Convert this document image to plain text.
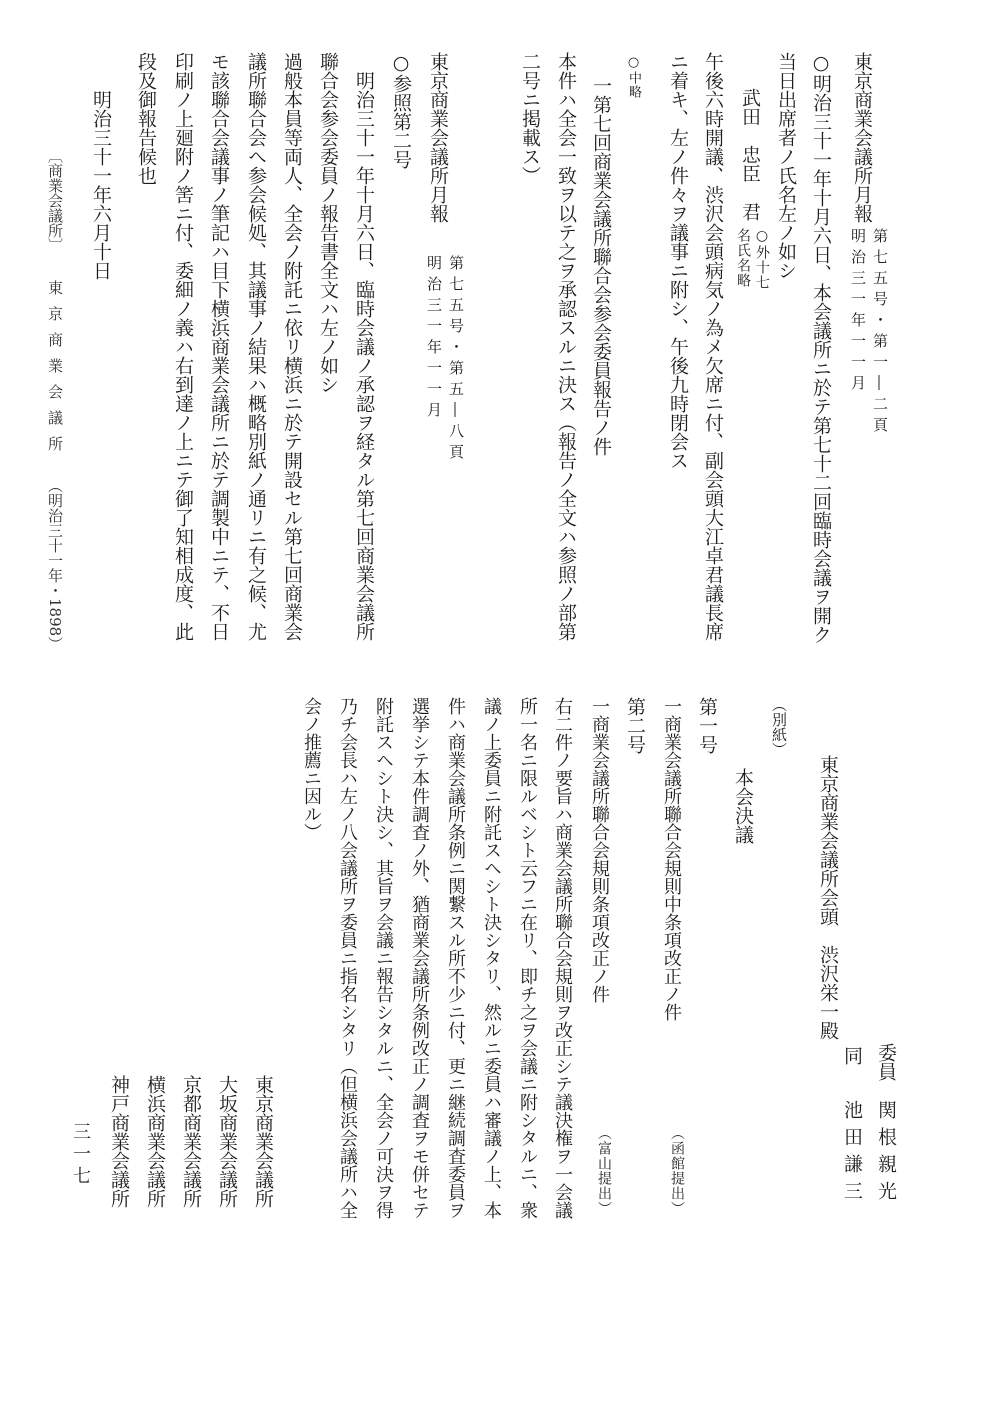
東京商業会議所月報
第七五号・第一―二頁
明治三一年一一月
○明治三十一年十月六日、本会議所ニ於テ第七十二回臨時会議ヲ開ク
当日出席者ノ氏名左ノ如シ
武田　忠臣　君
○外十七
名氏名略
午後六時開議、渋沢会頭病気ノ為メ欠席ニ付、副会頭大江卓君議長席
ニ着キ、左ノ件々ヲ議事ニ附シ、午後九時閉会ス
○中略
一第七回商業会議所聯合会参会委員報告ノ件
本件ハ全会一致ヲ以テ之ヲ承認スルニ決ス（報告ノ全文ハ参照ノ部第
二号ニ掲載ス）
東京商業会議所月報
第七五号・第五―八頁
明治三一年一一月
○参照第二号
明治三十一年十月六日、臨時会議ノ承認ヲ経タル第七回商業会議所
聯合会参会委員ノ報告書全文ハ左ノ如シ
過般本員等両人、全会ノ附託ニ依リ横浜ニ於テ開設セル第七回商業会
議所聯合会へ参会候処、其議事ノ結果ハ概略別紙ノ通リニ有之候、尤
モ該聯合会議事ノ筆記ハ目下横浜商業会議所ニ於テ調製中ニテ、不日
印刷ノ上廻附ノ筈ニ付、委細ノ義ハ右到達ノ上ニテ御了知相成度、此
段及御報告候也
明治三十一年六月十日
〔商業会議所〕
東京商業会議所
（明治三十一年・1898）
委員
関根親光
同
池田謙三
東京商業会議所会頭　渋沢栄一殿
（別紙）
本会決議
第一号
一商業会議所聯合会規則中条項改正ノ件
（函館提出）
第二号
一商業会議所聯合会規則条項改正ノ件
（富山提出）
右二件ノ要旨ハ商業会議所聯合会規則ヲ改正シテ議決権ヲ一会議
所一名ニ限ルベシト云フニ在リ、即チ之ヲ会議ニ附シタルニ、衆
議ノ上委員ニ附託スヘシト決シタリ、然ルニ委員ハ審議ノ上、本
件ハ商業会議所条例ニ関繋スル所不少ニ付、更ニ継続調査委員ヲ
選挙シテ本件調査ノ外、猶商業会議所条例改正ノ調査ヲモ併セテ
附託スヘシト決シ、其旨ヲ会議ニ報告シタルニ、全会ノ可決ヲ得
乃チ会長ハ左ノ八会議所ヲ委員ニ指名シタリ（但横浜会議所ハ全
会ノ推薦ニ因ル）
東京商業会議所
大坂商業会議所
京都商業会議所
横浜商業会議所
神戸商業会議所
三一七
